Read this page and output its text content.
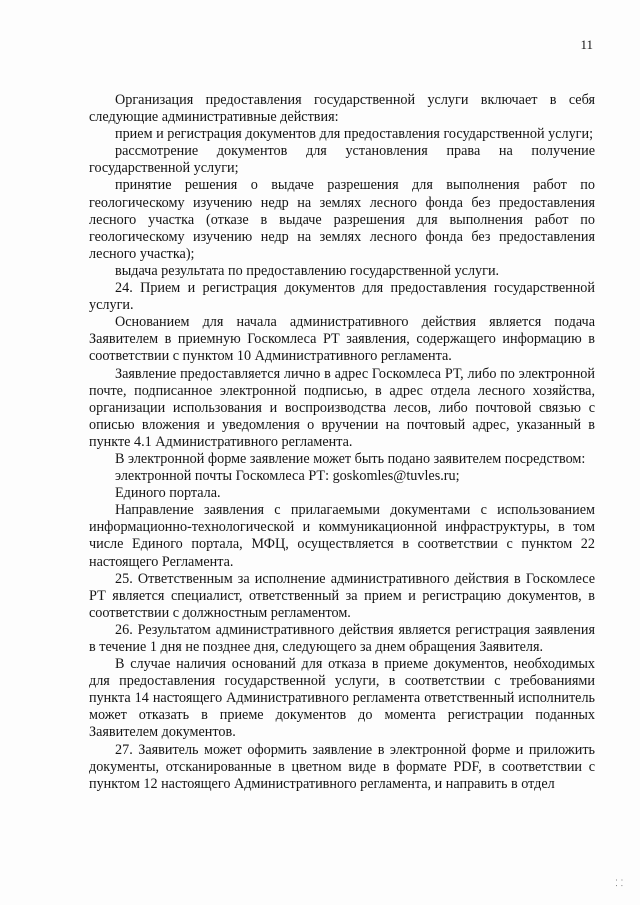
11

Организация предоставления государственной услуги включает в себя следующие административные действия:

прием и регистрация документов для предоставления государственной услуги;

рассмотрение документов для установления права на получение государственной услуги;

принятие решения о выдаче разрешения для выполнения работ по геологическому изучению недр на землях лесного фонда без предоставления лесного участка (отказе в выдаче разрешения для выполнения работ по геологическому изучению недр на землях лесного фонда без предоставления лесного участка);

выдача результата по предоставлению государственной услуги.

24. Прием и регистрация документов для предоставления государственной услуги.

Основанием для начала административного действия является подача Заявителем в приемную Госкомлеса РТ заявления, содержащего информацию в соответствии с пунктом 10 Административного регламента.

Заявление предоставляется лично в адрес Госкомлеса РТ, либо по электронной почте, подписанное электронной подписью, в адрес отдела лесного хозяйства, организации использования и воспроизводства лесов, либо почтовой связью с описью вложения и уведомления о вручении на почтовый адрес, указанный в пункте 4.1 Административного регламента.

В электронной форме заявление может быть подано заявителем посредством:

электронной почты Госкомлеса РТ: goskomles@tuvles.ru;

Единого портала.

Направление заявления с прилагаемыми документами с использованием информационно-технологической и коммуникационной инфраструктуры, в том числе Единого портала, МФЦ, осуществляется в соответствии с пунктом 22 настоящего Регламента.

25. Ответственным за исполнение административного действия в Госкомлесе РТ является специалист, ответственный за прием и регистрацию документов, в соответствии с должностным регламентом.

26. Результатом административного действия является регистрация заявления в течение 1 дня не позднее дня, следующего за днем обращения Заявителя.

В случае наличия оснований для отказа в приеме документов, необходимых для предоставления государственной услуги, в соответствии с требованиями пункта 14 настоящего Административного регламента ответственный исполнитель может отказать в приеме документов до момента регистрации поданных Заявителем документов.

27. Заявитель может оформить заявление в электронной форме и приложить документы, отсканированные в цветном виде в формате PDF, в соответствии с пунктом 12 настоящего Административного регламента, и направить в отдел

⸬
